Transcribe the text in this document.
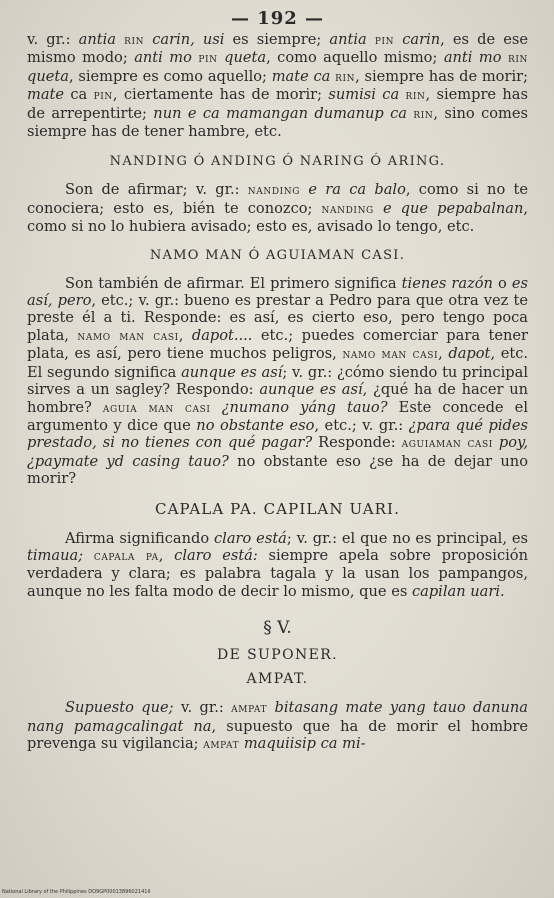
— 192 —

v. gr.: antia rin carin, usi es siempre; antia pin carin, es de ese mismo modo; anti mo pin queta, como aquello mismo; anti mo rin queta, siempre es como aquello; mate ca rin, siempre has de morir; mate ca pin, ciertamente has de morir; sumisi ca rin, siempre has de arrepentirte; nun e ca mamangan dumanup ca rin, sino comes siempre has de tener hambre, etc.

NANDING Ó ANDING Ó NARING Ó ARING.

Son de afirmar; v. gr.: nanding e ra ca balo, como si no te conociera; esto es, bién te conozco; nanding e que pepabalnan, como si no lo hubiera avisado; esto es, avisado lo tengo, etc.

NAMO MAN Ó AGUIAMAN CASI.

Son también de afirmar. El primero significa tienes razón o es así, pero, etc.; v. gr.: bueno es prestar a Pedro para que otra vez te preste él a ti. Responde: es así, es cierto eso, pero tengo poca plata, namo man casi, dapot.... etc.; puedes comerciar para tener plata, es así, pero tiene muchos peligros, namo man casi, dapot, etc. El segundo significa aunque es así; v. gr.: ¿cómo siendo tu principal sirves a un sagley? Respondo: aunque es así, ¿qué ha de hacer un hombre? aguia man casi ¿numano yáng tauo? Este concede el argumento y dice que no obstante eso, etc.; v. gr.: ¿para qué pides prestado, si no tienes con qué pagar? Responde: aguiaman casi poy, ¿paymate yd casing tauo? no obstante eso ¿se ha de dejar uno morir?

CAPALA PA. CAPILAN UARI.

Afirma significando claro está; v. gr.: el que no es principal, es timaua; capala pa, claro está: siempre apela sobre proposición verdadera y clara; es palabra tagala y la usan los pampangos, aunque no les falta modo de decir lo mismo, que es capilan uari.

§ V.
DE SUPONER.
AMPAT.

Supuesto que; v. gr.: ampat bitasang mate yang tauo danuna nang pamagcalingat na, supuesto que ha de morir el hombre prevenga su vigilancia; ampat maquiisip ca mi-

National Library of the Philippines DO9GP0001389602141II
